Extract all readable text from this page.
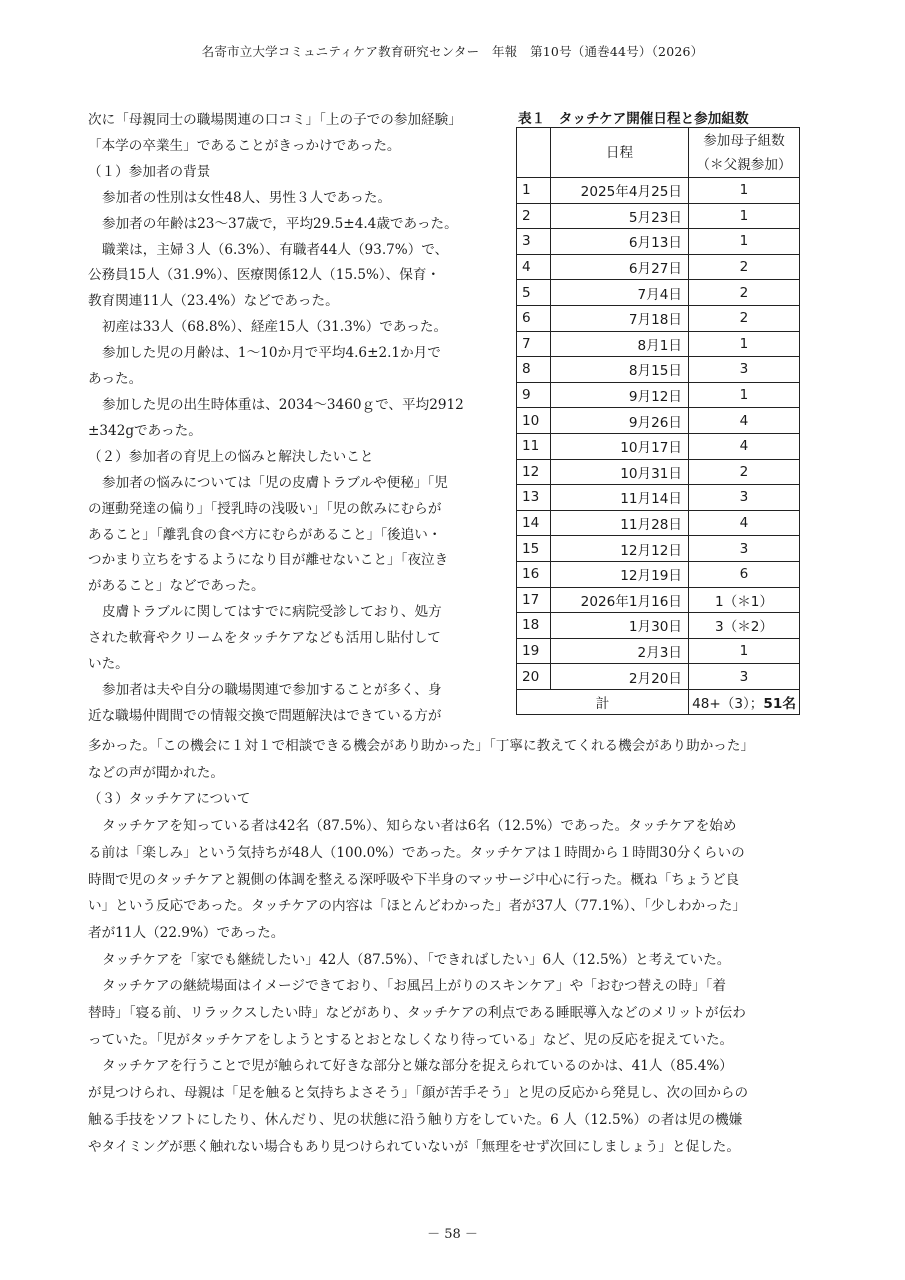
名寄市立大学コミュニティケア教育研究センター　年報　第10号（通巻44号）（2026）
次に「母親同士の職場関連の口コミ」「上の子での参加経験」
「本学の卒業生」であることがきっかけであった。
（１）参加者の背景
参加者の性別は女性48人、男性３人であった。
参加者の年齢は23〜37歳で，平均29.5±4.4歳であった。
職業は，主婦３人（6.3%）、有職者44人（93.7%）で、
公務員15人（31.9%）、医療関係12人（15.5%）、保育・
教育関連11人（23.4%）などであった。
初産は33人（68.8%）、経産15人（31.3%）であった。
参加した児の月齢は、1〜10か月で平均4.6±2.1か月で
あった。
参加した児の出生時体重は、2034〜3460ｇで、平均2912
±342gであった。
（２）参加者の育児上の悩みと解決したいこと
参加者の悩みについては「児の皮膚トラブルや便秘」「児
の運動発達の偏り」「授乳時の浅吸い」「児の飲みにむらが
あること」「離乳食の食べ方にむらがあること」「後追い・
つかまり立ちをするようになり目が離せないこと」「夜泣き
があること」などであった。
皮膚トラブルに関してはすでに病院受診しており、処方
された軟膏やクリームをタッチケアなども活用し貼付して
いた。
参加者は夫や自分の職場関連で参加することが多く、身
近な職場仲間間での情報交換で問題解決はできている方が
表１　タッチケア開催日程と参加組数
	日程	参加母子組数
（＊父親参加）

1	2025年4月25日	1
2	5月23日	1
3	6月13日	1
4	6月27日	2
5	7月4日	2
6	7月18日	2
7	8月1日	1
8	8月15日	3
9	9月12日	1
10	9月26日	4
11	10月17日	4
12	10月31日	2
13	11月14日	3
14	11月28日	4
15	12月12日	3
16	12月19日	6
17	2026年1月16日	1（＊1）
18	1月30日	3（＊2）
19	2月3日	1
20	2月20日	3
計		48+（3）；51名
多かった。「この機会に１対１で相談できる機会があり助かった」「丁寧に教えてくれる機会があり助かった」
などの声が聞かれた。
（３）タッチケアについて
タッチケアを知っている者は42名（87.5%）、知らない者は6名（12.5%）であった。タッチケアを始め
る前は「楽しみ」という気持ちが48人（100.0%）であった。タッチケアは１時間から１時間30分くらいの
時間で児のタッチケアと親側の体調を整える深呼吸や下半身のマッサージ中心に行った。概ね「ちょうど良
い」という反応であった。タッチケアの内容は「ほとんどわかった」者が37人（77.1%）、「少しわかった」
者が11人（22.9%）であった。
タッチケアを「家でも継続したい」42人（87.5%）、「できればしたい」6人（12.5%）と考えていた。
タッチケアの継続場面はイメージできており、「お風呂上がりのスキンケア」や「おむつ替えの時」「着
替時」「寝る前、リラックスしたい時」などがあり、タッチケアの利点である睡眠導入などのメリットが伝わ
っていた。「児がタッチケアをしようとするとおとなしくなり待っている」など、児の反応を捉えていた。
タッチケアを行うことで児が触られて好きな部分と嫌な部分を捉えられているのかは、41人（85.4%）
が見つけられ、母親は「足を触ると気持ちよさそう」「顔が苦手そう」と児の反応から発見し、次の回からの
触る手技をソフトにしたり、休んだり、児の状態に沿う触り方をしていた。6 人（12.5%）の者は児の機嫌
やタイミングが悪く触れない場合もあり見つけられていないが「無理をせず次回にしましょう」と促した。
－ 58 －
